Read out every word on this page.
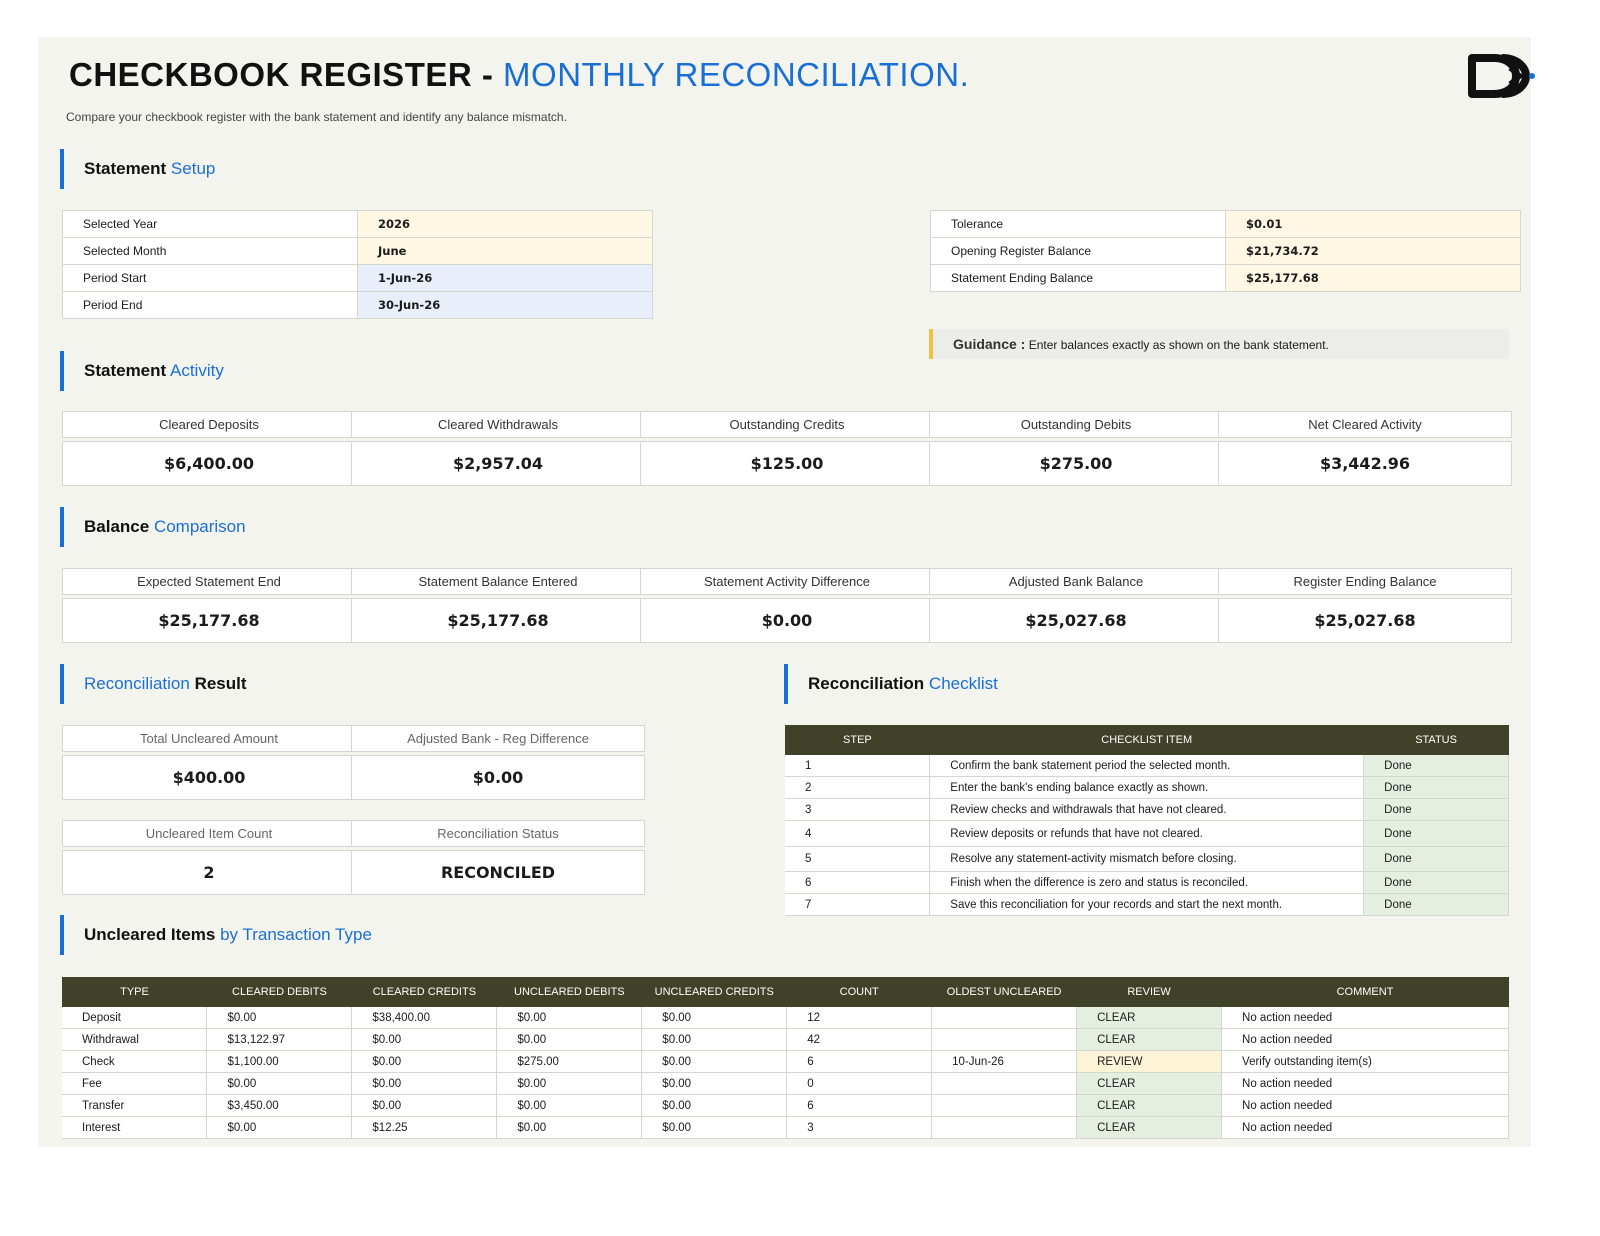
CHECKBOOK REGISTER - MONTHLY RECONCILIATION.
Compare your checkbook register with the bank statement and identify any balance mismatch.
Statement Setup
Selected Year	2026
Selected Month	June
Period Start	1-Jun-26
Period End	30-Jun-26
Tolerance	$0.01
Opening Register Balance	$21,734.72
Statement Ending Balance	$25,177.68
Guidance : Enter balances exactly as shown on the bank statement.
Statement Activity
Cleared Deposits
$6,400.00
Cleared Withdrawals
$2,957.04
Outstanding Credits
$125.00
Outstanding Debits
$275.00
Net Cleared Activity
$3,442.96
Balance Comparison
Expected Statement End
$25,177.68
Statement Balance Entered
$25,177.68
Statement Activity Difference
$0.00
Adjusted Bank Balance
$25,027.68
Register Ending Balance
$25,027.68
Reconciliation Result
Total Uncleared Amount
$400.00
Adjusted Bank - Reg Difference
$0.00
Uncleared Item Count
2
Reconciliation Status
RECONCILED
Reconciliation Checklist
STEP	CHECKLIST ITEM	STATUS
1	Confirm the bank statement period the selected month.	Done
2	Enter the bank's ending balance exactly as shown.	Done
3	Review checks and withdrawals that have not cleared.	Done
4	Review deposits or refunds that have not cleared.	Done
5	Resolve any statement-activity mismatch before closing.	Done
6	Finish when the difference is zero and status is reconciled.	Done
7	Save this reconciliation for your records and start the next month.	Done
Uncleared Items by Transaction Type
TYPE	CLEARED DEBITS	CLEARED CREDITS	UNCLEARED DEBITS	UNCLEARED CREDITS	COUNT	OLDEST UNCLEARED	REVIEW	COMMENT
Deposit	$0.00	$38,400.00	$0.00	$0.00	12		CLEAR	No action needed
Withdrawal	$13,122.97	$0.00	$0.00	$0.00	42		CLEAR	No action needed
Check	$1,100.00	$0.00	$275.00	$0.00	6	10-Jun-26	REVIEW	Verify outstanding item(s)
Fee	$0.00	$0.00	$0.00	$0.00	0		CLEAR	No action needed
Transfer	$3,450.00	$0.00	$0.00	$0.00	6		CLEAR	No action needed
Interest	$0.00	$12.25	$0.00	$0.00	3		CLEAR	No action needed
